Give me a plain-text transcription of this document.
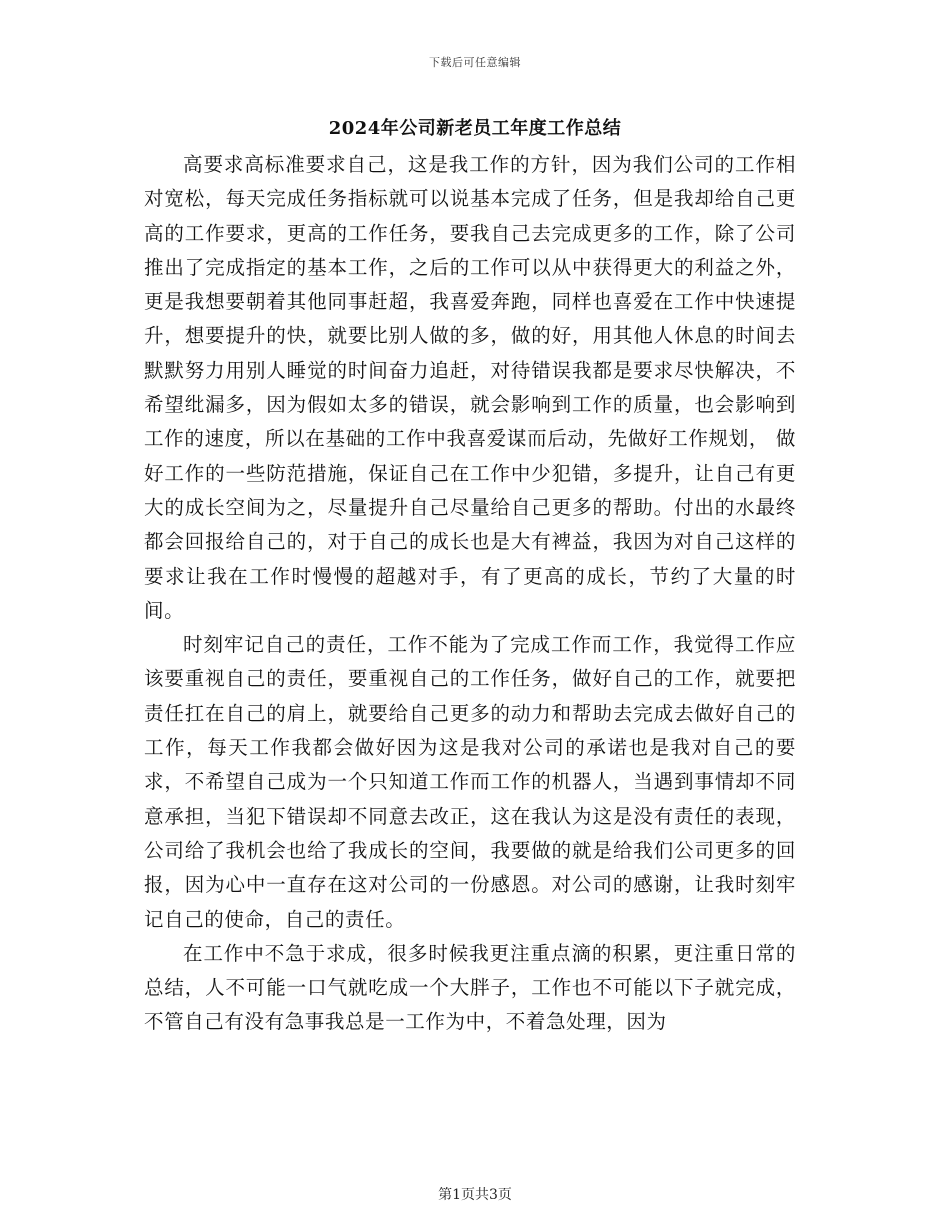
下载后可任意编辑
2024年公司新老员工年度工作总结

高要求高标准要求自己，这是我工作的方针，因为我们公司的工作相对宽松，每天完成任务指标就可以说基本完成了任务，但是我却给自己更高的工作要求，更高的工作任务，要我自己去完成更多的工作，除了公司推出了完成指定的基本工作，之后的工作可以从中获得更大的利益之外，更是我想要朝着其他同事赶超，我喜爱奔跑，同样也喜爱在工作中快速提升，想要提升的快，就要比别人做的多，做的好，用其他人休息的时间去默默努力用别人睡觉的时间奋力追赶，对待错误我都是要求尽快解决，不希望纰漏多，因为假如太多的错误，就会影响到工作的质量，也会影响到工作的速度，所以在基础的工作中我喜爱谋而后动，先做好工作规划， 做好工作的一些防范措施，保证自己在工作中少犯错，多提升，让自己有更大的成长空间为之，尽量提升自己尽量给自己更多的帮助。付出的水最终都会回报给自己的，对于自己的成长也是大有裨益，我因为对自己这样的要求让我在工作时慢慢的超越对手，有了更高的成长，节约了大量的时间。

时刻牢记自己的责任，工作不能为了完成工作而工作，我觉得工作应该要重视自己的责任，要重视自己的工作任务，做好自己的工作，就要把责任扛在自己的肩上，就要给自己更多的动力和帮助去完成去做好自己的工作，每天工作我都会做好因为这是我对公司的承诺也是我对自己的要求，不希望自己成为一个只知道工作而工作的机器人，当遇到事情却不同意承担，当犯下错误却不同意去改正，这在我认为这是没有责任的表现，公司给了我机会也给了我成长的空间，我要做的就是给我们公司更多的回报，因为心中一直存在这对公司的一份感恩。对公司的感谢，让我时刻牢记自己的使命，自己的责任。

在工作中不急于求成，很多时候我更注重点滴的积累，更注重日常的总结，人不可能一口气就吃成一个大胖子，工作也不可能以下子就完成，不管自己有没有急事我总是一工作为中，不着急处理，因为

第1页共3页
